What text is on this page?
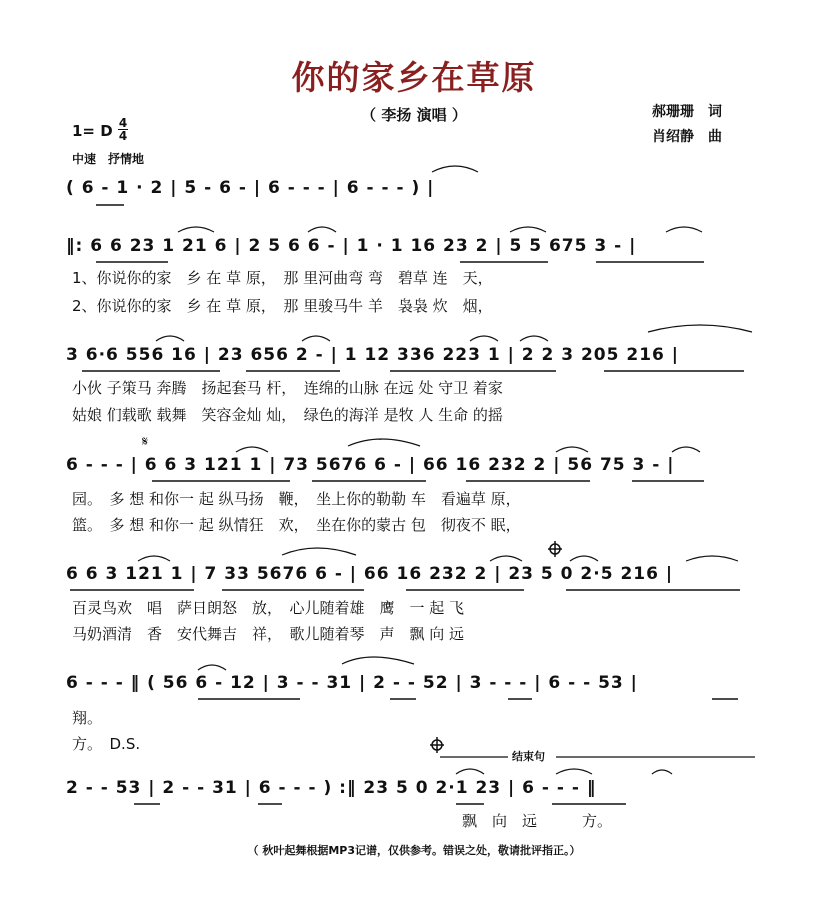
你的家乡在草原
（ 李扬 演唱 ）	郝珊珊　词
肖绍静　曲
1= D 4
4
中速　抒情地
( 6 - 1 · 2 | 5̇ - 6 - | 6 - - - | 6 - - - ) |
‖: 6 6 23 1 21 6 | 2 5 6 6 - | 1 · 1 16 23 2 | 5 5 675 3 - |
1、你说你的家　乡 在 草 原，　那 里河曲弯 弯　碧草 连　天，
2、你说你的家　乡 在 草 原，　那 里骏马牛 羊　袅袅 炊　烟，
3 6·6 556 16 | 23 656 2 - | 1 12 336 223 1 | 2 2 3 205 216 |
小伙 子策马 奔腾　扬起套马 杆，　连绵的山脉 在远 处 守卫 着家
姑娘 们载歌 载舞　笑容金灿 灿，　绿色的海洋 是牧 人 生命 的摇
6 - - - | 6 6 3 121 1 | 73 5676 6 - | 66 16 232 2 | 56 75 3 - |
园。　多 想 和你一 起 纵马扬　鞭，　坐上你的勒勒 车　看遍草 原，
篮。　多 想 和你一 起 纵情狂　欢，　坐在你的蒙古 包　彻夜不 眠，
6 6 3 121 1 | 7 33 5676 6 - | 66 16 232 2 | 23 5 0 2·5 216 |
百灵鸟欢　唱　萨日朗怒　放，　心儿随着雄　鹰　一 起 飞
马奶酒清　香　安代舞吉　祥，　歌儿随着琴　声　飘 向 远
6 - - - ‖ ( 56 6 - 12 | 3 - - 31 | 2 - - 52 | 3 - - - | 6 - - 53 |
翔。
方。　D.S.
结束句
2 - - 53 | 2 - - 31 | 6 - - - ) :‖ 23 5 0 2·1 23 | 6 - - - ‖
飘　向　远　　　方。
（ 秋叶起舞根据MP3记谱，仅供参考。错误之处，敬请批评指正。）
𝄋
